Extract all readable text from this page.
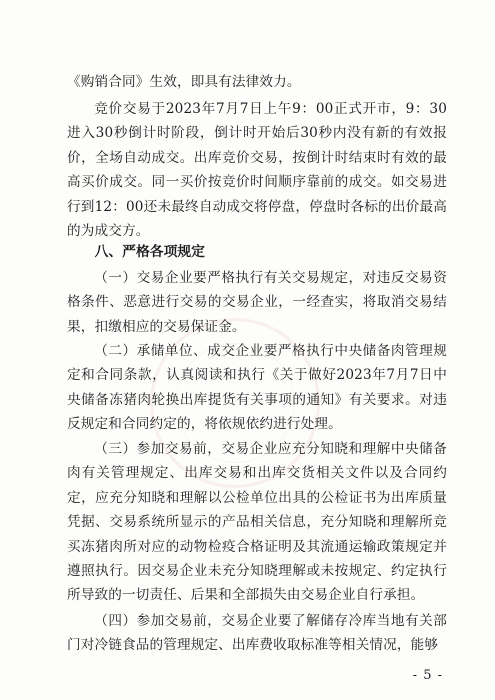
《购销合同》生效，即具有法律效力。

竞价交易于2023年7月7日上午9：00正式开市，9：30进入30秒倒计时阶段，倒计时开始后30秒内没有新的有效报价，全场自动成交。出库竞价交易，按倒计时结束时有效的最高买价成交。同一买价按竞价时间顺序靠前的成交。如交易进行到12：00还未最终自动成交将停盘，停盘时各标的出价最高的为成交方。

八、严格各项规定

（一）交易企业要严格执行有关交易规定，对违反交易资格条件、恶意进行交易的交易企业，一经查实，将取消交易结果，扣缴相应的交易保证金。

（二）承储单位、成交企业要严格执行中央储备肉管理规定和合同条款，认真阅读和执行《关于做好2023年7月7日中央储备冻猪肉轮换出库提货有关事项的通知》有关要求。对违反规定和合同约定的，将依规依约进行处理。

（三）参加交易前，交易企业应充分知晓和理解中央储备肉有关管理规定、出库交易和出库交货相关文件以及合同约定，应充分知晓和理解以公检单位出具的公检证书为出库质量凭据、交易系统所显示的产品相关信息，充分知晓和理解所竞买冻猪肉所对应的动物检疫合格证明及其流通运输政策规定并遵照执行。因交易企业未充分知晓理解或未按规定、约定执行所导致的一切责任、后果和全部损失由交易企业自行承担。

（四）参加交易前，交易企业要了解储存冷库当地有关部门对冷链食品的管理规定、出库费收取标准等相关情况，能够

- 5 -
